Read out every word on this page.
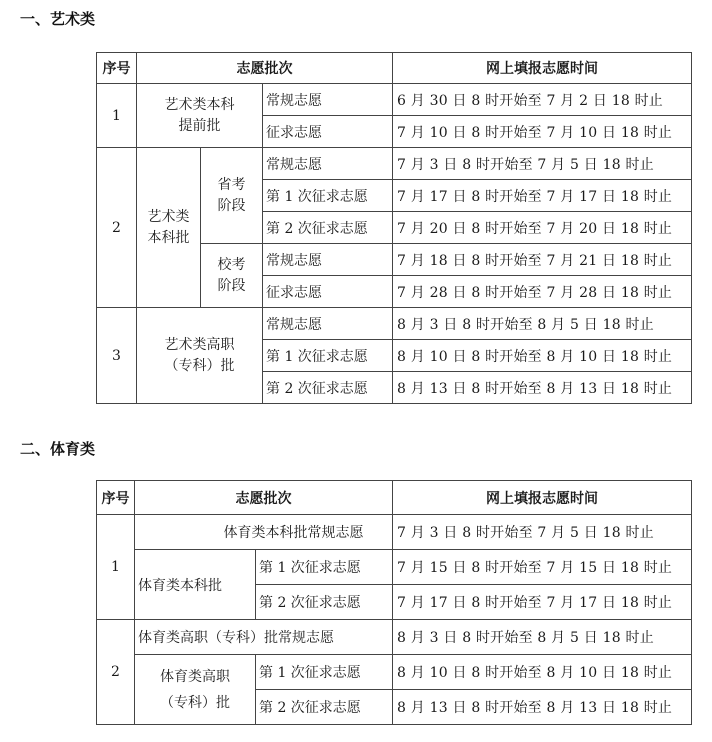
一、艺术类
序号	志愿批次			网上填报志愿时间
1	艺术类本科提前批		常规志愿	6 月 30 日 8 时开始至 7 月 2 日 18 时止
			征求志愿	7 月 10 日 8 时开始至 7 月 10 日 18 时止
2	艺术类本科批	省考阶段	常规志愿	7 月 3 日 8 时开始至 7 月 5 日 18 时止
			第 1 次征求志愿	7 月 17 日 8 时开始至 7 月 17 日 18 时止
			第 2 次征求志愿	7 月 20 日 8 时开始至 7 月 20 日 18 时止
		校考阶段	常规志愿	7 月 18 日 8 时开始至 7 月 21 日 18 时止
			征求志愿	7 月 28 日 8 时开始至 7 月 28 日 18 时止
3	艺术类高职（专科）批		常规志愿	8 月 3 日 8 时开始至 8 月 5 日 18 时止
			第 1 次征求志愿	8 月 10 日 8 时开始至 8 月 10 日 18 时止
			第 2 次征求志愿	8 月 13 日 8 时开始至 8 月 13 日 18 时止
二、体育类
序号	志愿批次		网上填报志愿时间
1	体育类本科批常规志愿		7 月 3 日 8 时开始至 7 月 5 日 18 时止
	体育类本科批	第 1 次征求志愿	7 月 15 日 8 时开始至 7 月 15 日 18 时止
		第 2 次征求志愿	7 月 17 日 8 时开始至 7 月 17 日 18 时止
2	体育类高职（专科）批常规志愿		8 月 3 日 8 时开始至 8 月 5 日 18 时止
	体育类高职（专科）批	第 1 次征求志愿	8 月 10 日 8 时开始至 8 月 10 日 18 时止
		第 2 次征求志愿	8 月 13 日 8 时开始至 8 月 13 日 18 时止
